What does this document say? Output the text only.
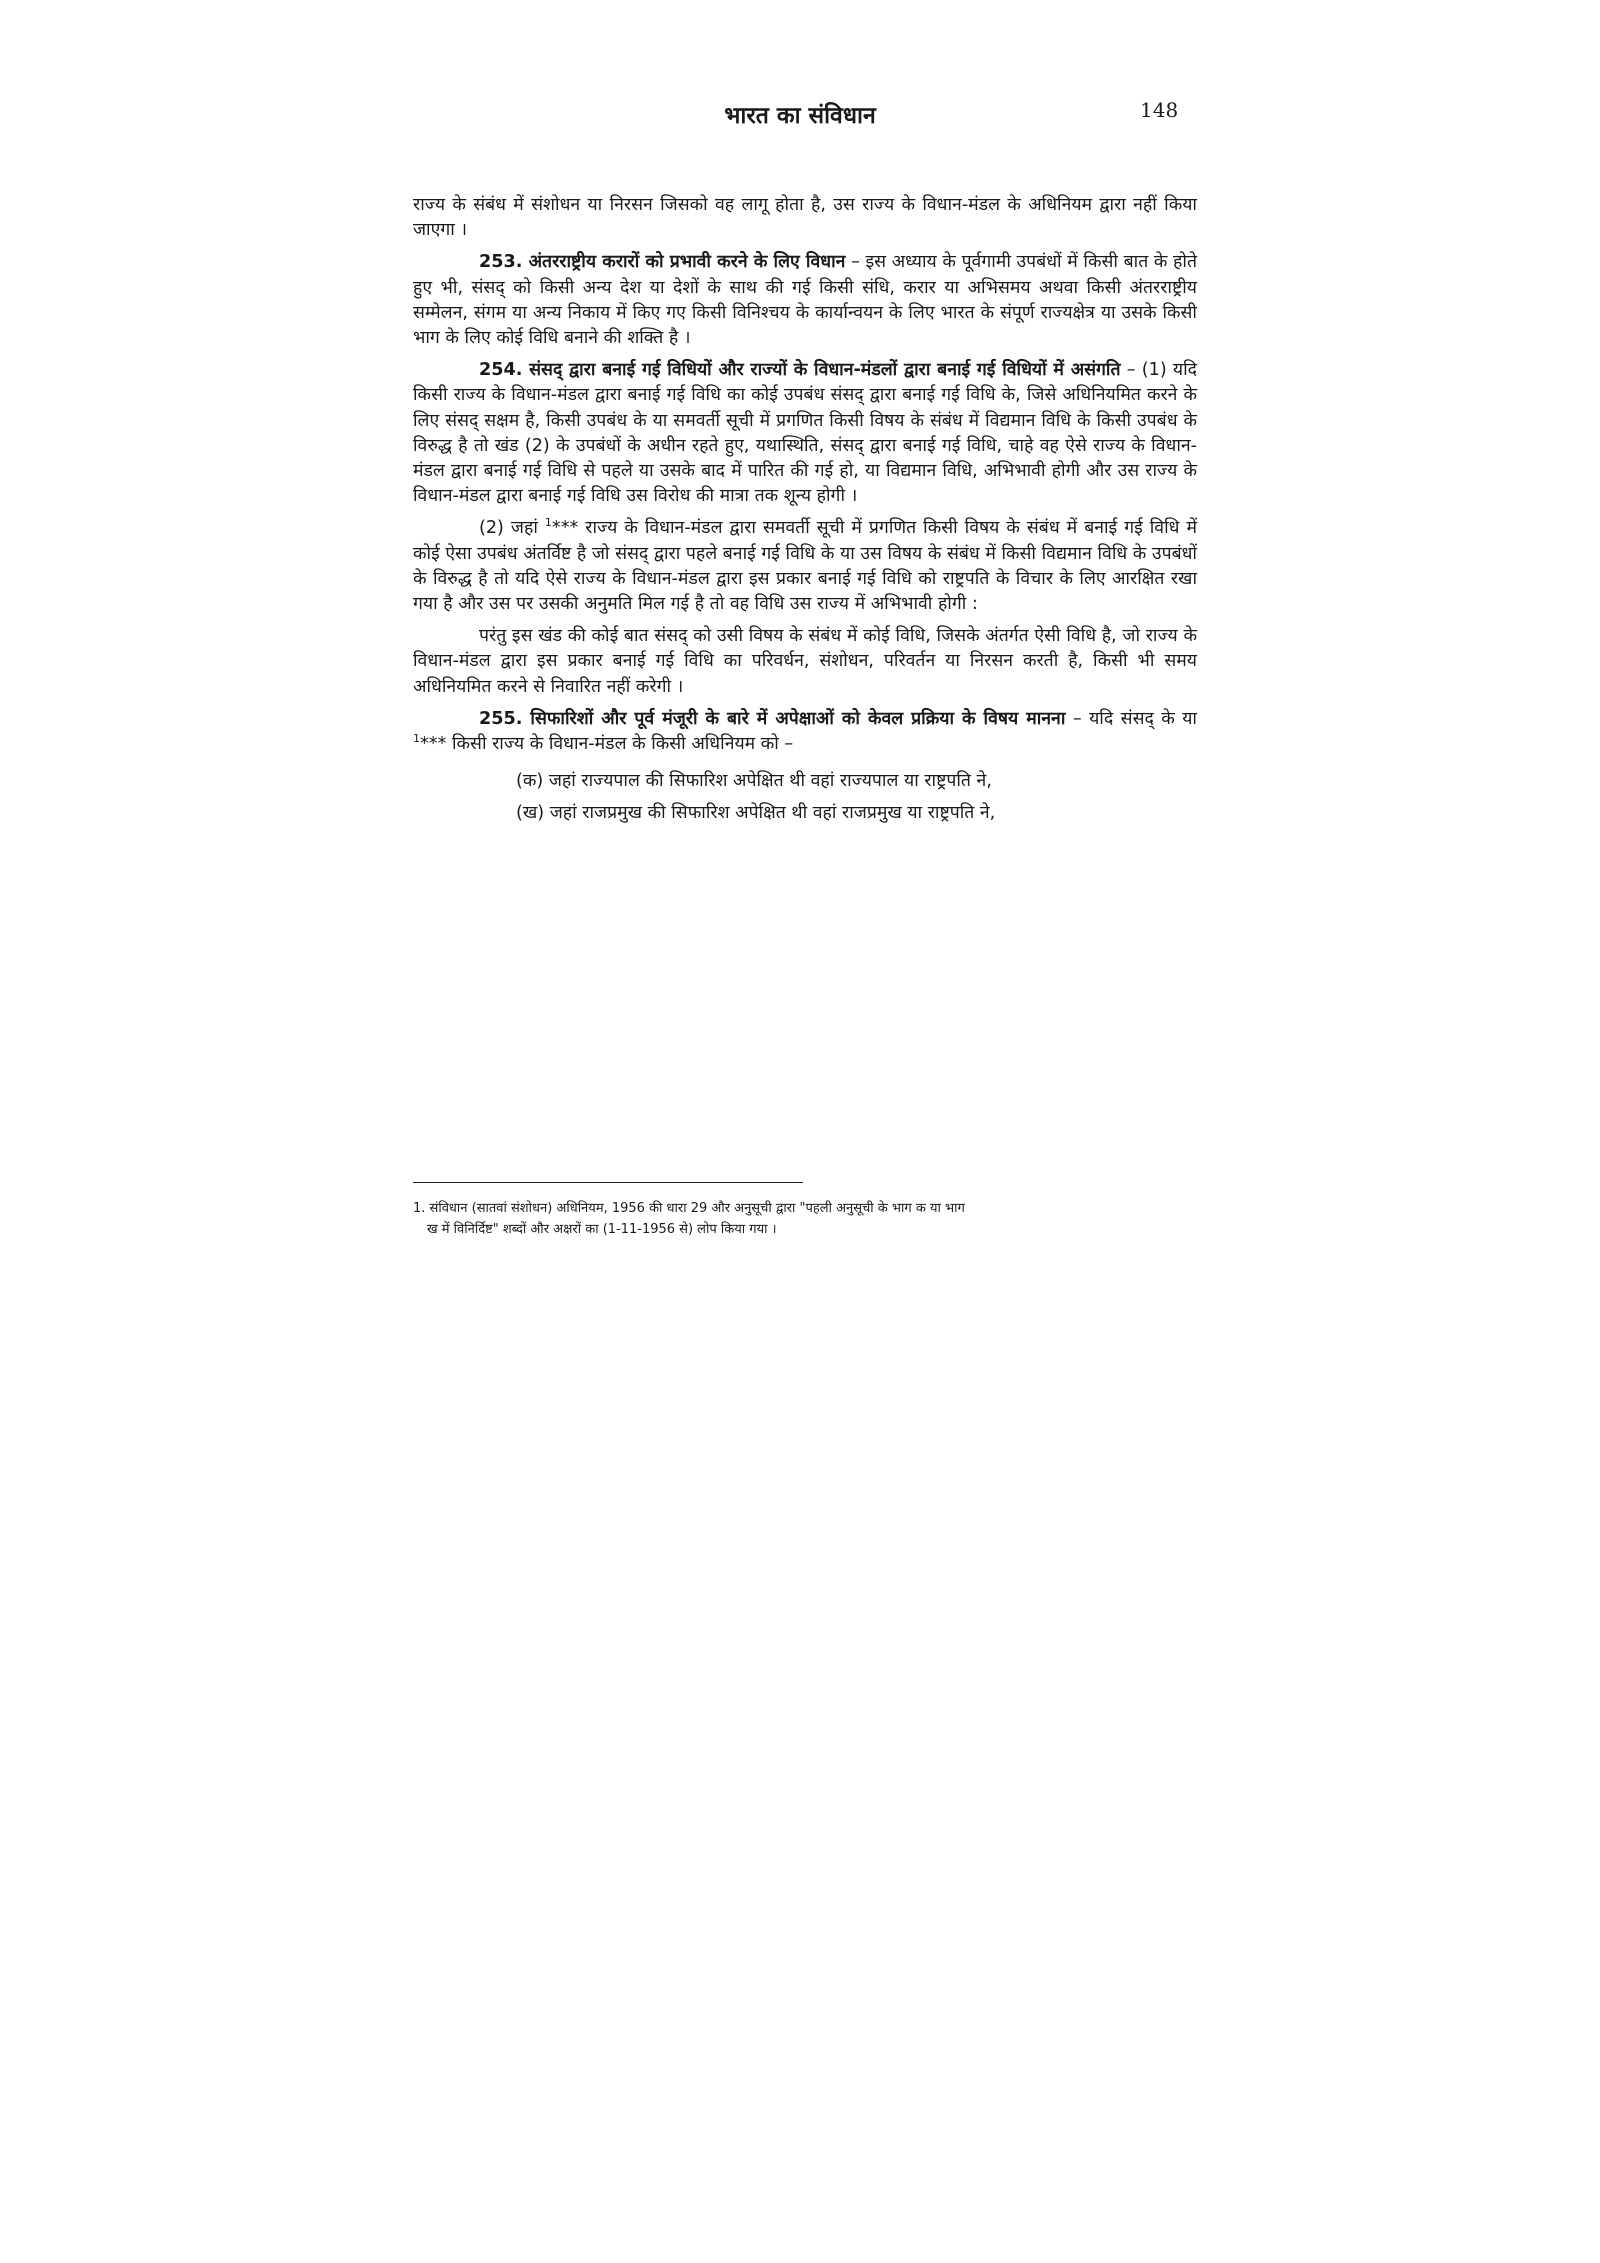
भारत का संविधान	148

राज्य के संबंध में संशोधन या निरसन जिसको वह लागू होता है, उस राज्य के विधान-मंडल के अधिनियम द्वारा नहीं किया जाएगा ।

253. अंतरराष्ट्रीय करारों को प्रभावी करने के लिए विधान – इस अध्याय के पूर्वगामी उपबंधों में किसी बात के होते हुए भी, संसद् को किसी अन्य देश या देशों के साथ की गई किसी संधि, करार या अभिसमय अथवा किसी अंतरराष्ट्रीय सम्मेलन, संगम या अन्य निकाय में किए गए किसी विनिश्चय के कार्यान्वयन के लिए भारत के संपूर्ण राज्यक्षेत्र या उसके किसी भाग के लिए कोई विधि बनाने की शक्ति है ।

254. संसद् द्वारा बनाई गई विधियों और राज्यों के विधान-मंडलों द्वारा बनाई गई विधियों में असंगति – (1) यदि किसी राज्य के विधान-मंडल द्वारा बनाई गई विधि का कोई उपबंध संसद् द्वारा बनाई गई विधि के, जिसे अधिनियमित करने के लिए संसद् सक्षम है, किसी उपबंध के या समवर्ती सूची में प्रगणित किसी विषय के संबंध में विद्यमान विधि के किसी उपबंध के विरुद्ध है तो खंड (2) के उपबंधों के अधीन रहते हुए, यथास्थिति, संसद् द्वारा बनाई गई विधि, चाहे वह ऐसे राज्य के विधान-मंडल द्वारा बनाई गई विधि से पहले या उसके बाद में पारित की गई हो, या विद्यमान विधि, अभिभावी होगी और उस राज्य के विधान-मंडल द्वारा बनाई गई विधि उस विरोध की मात्रा तक शून्य होगी ।

(2) जहां $^1$*** राज्य के विधान-मंडल द्वारा समवर्ती सूची में प्रगणित किसी विषय के संबंध में बनाई गई विधि में कोई ऐसा उपबंध अंतर्विष्ट है जो संसद् द्वारा पहले बनाई गई विधि के या उस विषय के संबंध में किसी विद्यमान विधि के उपबंधों के विरुद्ध है तो यदि ऐसे राज्य के विधान-मंडल द्वारा इस प्रकार बनाई गई विधि को राष्ट्रपति के विचार के लिए आरक्षित रखा गया है और उस पर उसकी अनुमति मिल गई है तो वह विधि उस राज्य में अभिभावी होगी :

परंतु इस खंड की कोई बात संसद् को उसी विषय के संबंध में कोई विधि, जिसके अंतर्गत ऐसी विधि है, जो राज्य के विधान-मंडल द्वारा इस प्रकार बनाई गई विधि का परिवर्धन, संशोधन, परिवर्तन या निरसन करती है, किसी भी समय अधिनियमित करने से निवारित नहीं करेगी ।

255. सिफारिशों और पूर्व मंजूरी के बारे में अपेक्षाओं को केवल प्रक्रिया के विषय मानना – यदि संसद् के या $^1$*** किसी राज्य के विधान-मंडल के किसी अधिनियम को –

(क) जहां राज्यपाल की सिफारिश अपेक्षित थी वहां राज्यपाल या राष्ट्रपति ने,

(ख) जहां राजप्रमुख की सिफारिश अपेक्षित थी वहां राजप्रमुख या राष्ट्रपति ने,

1. संविधान (सातवां संशोधन) अधिनियम, 1956 की धारा 29 और अनुसूची द्वारा "पहली अनुसूची के भाग क या भाग
ख में विनिर्दिष्ट" शब्दों और अक्षरों का (1-11-1956 से) लोप किया गया ।
